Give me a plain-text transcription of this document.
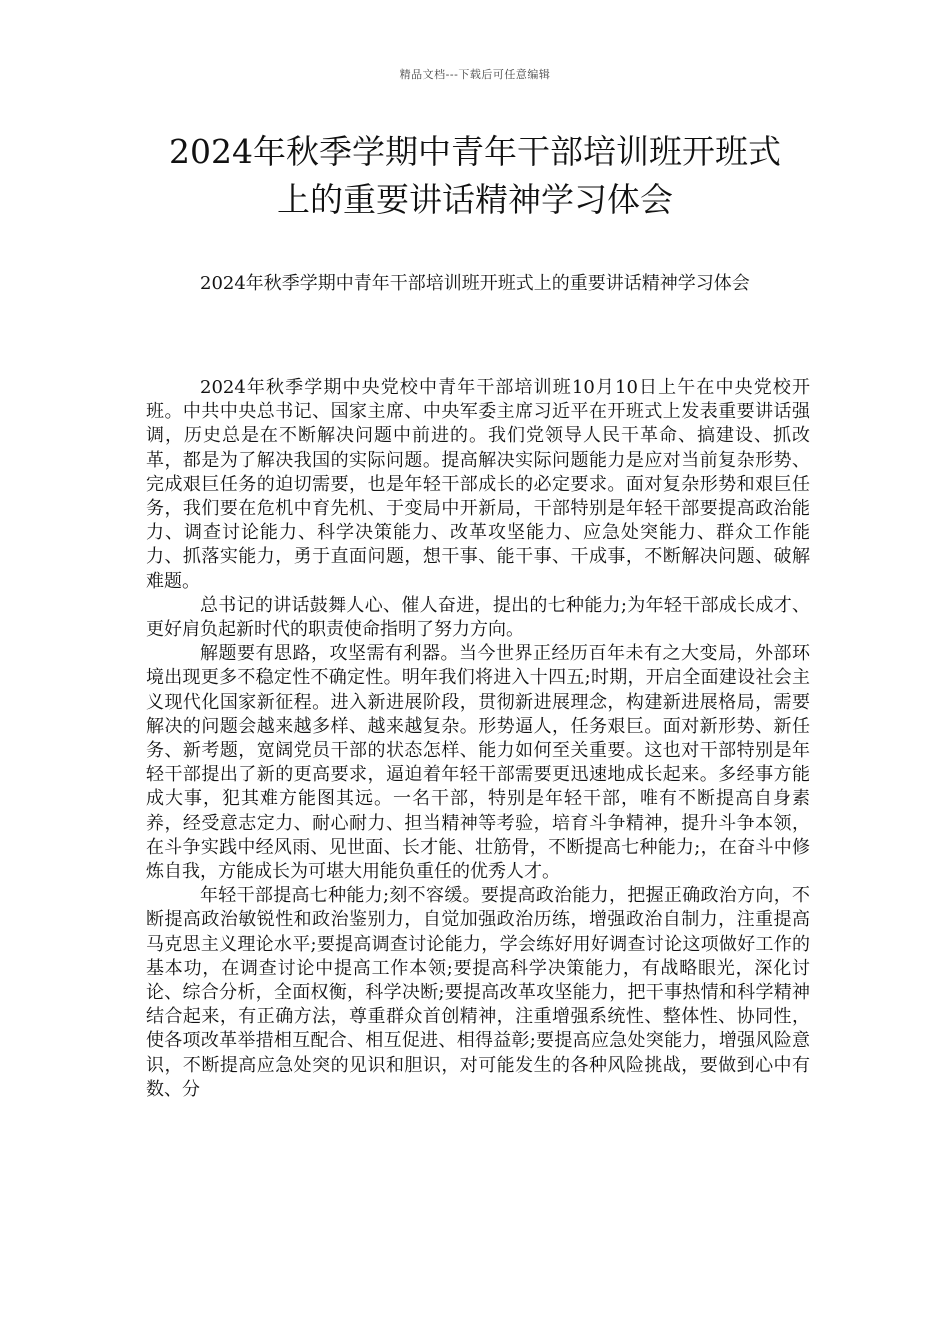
精品文档---下载后可任意编辑
2024年秋季学期中青年干部培训班开班式
上的重要讲话精神学习体会

2024年秋季学期中青年干部培训班开班式上的重要讲话精神学习体会

2024年秋季学期中央党校中青年干部培训班10月10日上午在中央党校开班。中共中央总书记、国家主席、中央军委主席习近平在开班式上发表重要讲话强调，历史总是在不断解决问题中前进的。我们党领导人民干革命、搞建设、抓改革，都是为了解决我国的实际问题。提高解决实际问题能力是应对当前复杂形势、完成艰巨任务的迫切需要，也是年轻干部成长的必定要求。面对复杂形势和艰巨任务，我们要在危机中育先机、于变局中开新局，干部特别是年轻干部要提高政治能力、调查讨论能力、科学决策能力、改革攻坚能力、应急处突能力、群众工作能力、抓落实能力，勇于直面问题，想干事、能干事、干成事，不断解决问题、破解难题。

总书记的讲话鼓舞人心、催人奋进，提出的七种能力;为年轻干部成长成才、更好肩负起新时代的职责使命指明了努力方向。

解题要有思路，攻坚需有利器。当今世界正经历百年未有之大变局，外部环境出现更多不稳定性不确定性。明年我们将进入十四五;时期，开启全面建设社会主义现代化国家新征程。进入新进展阶段，贯彻新进展理念，构建新进展格局，需要解决的问题会越来越多样、越来越复杂。形势逼人，任务艰巨。面对新形势、新任务、新考题，宽阔党员干部的状态怎样、能力如何至关重要。这也对干部特别是年轻干部提出了新的更高要求，逼迫着年轻干部需要更迅速地成长起来。多经事方能成大事，犯其难方能图其远。一名干部，特别是年轻干部，唯有不断提高自身素养，经受意志定力、耐心耐力、担当精神等考验，培育斗争精神，提升斗争本领，在斗争实践中经风雨、见世面、长才能、壮筋骨，不断提高七种能力;，在奋斗中修炼自我，方能成长为可堪大用能负重任的优秀人才。

年轻干部提高七种能力;刻不容缓。要提高政治能力，把握正确政治方向，不断提高政治敏锐性和政治鉴别力，自觉加强政治历练，增强政治自制力，注重提高马克思主义理论水平;要提高调查讨论能力，学会练好用好调查讨论这项做好工作的基本功，在调查讨论中提高工作本领;要提高科学决策能力，有战略眼光，深化讨论、综合分析，全面权衡，科学决断;要提高改革攻坚能力，把干事热情和科学精神结合起来，有正确方法，尊重群众首创精神，注重增强系统性、整体性、协同性，使各项改革举措相互配合、相互促进、相得益彰;要提高应急处突能力，增强风险意识，不断提高应急处突的见识和胆识，对可能发生的各种风险挑战，要做到心中有数、分
